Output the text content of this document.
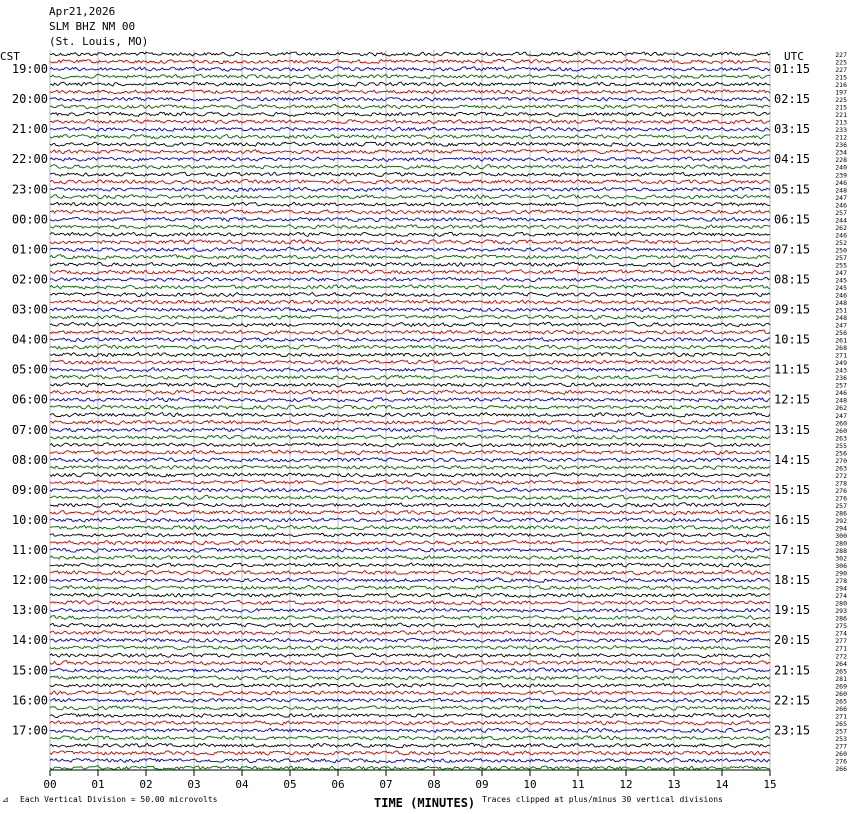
00	01	02	03	04	05	06	07	08	09	10	11	12	13	14	15
227
225
227
215
216
197
225
215
221
213
233
212
236
234
228
240
239
246
248
247
246
257
244
262
246
252
250
257
255
247
245
245
246
248
251
248
247
256
261
268
271
249
243
236
257
246
248
262
247
260
260
263
255
256
270
263
272
278
276
276
257
286
292
294
300
280
288
302
306
290
278
294
274
280
293
286
275
274
277
271
272
264
265
281
269
260
265
266
271
265
257
253
277
260
276
266
19:00	01:15
20:00	02:15
21:00	03:15
22:00	04:15
23:00	05:15
00:00	06:15
01:00	07:15
02:00	08:15
03:00	09:15
04:00	10:15
05:00	11:15
06:00	12:15
07:00	13:15
08:00	14:15
09:00	15:15
10:00	16:15
11:00	17:15
12:00	18:15
13:00	19:15
14:00	20:15
15:00	21:15
16:00	22:15
17:00	23:15
Apr21,2026
SLM BHZ NM 00
(St. Louis, MO)
CST	UTC
⊿ Each Vertical Division = 50.00 microvolts	TIME (MINUTES) Traces clipped at plus/minus 30 vertical divisions
